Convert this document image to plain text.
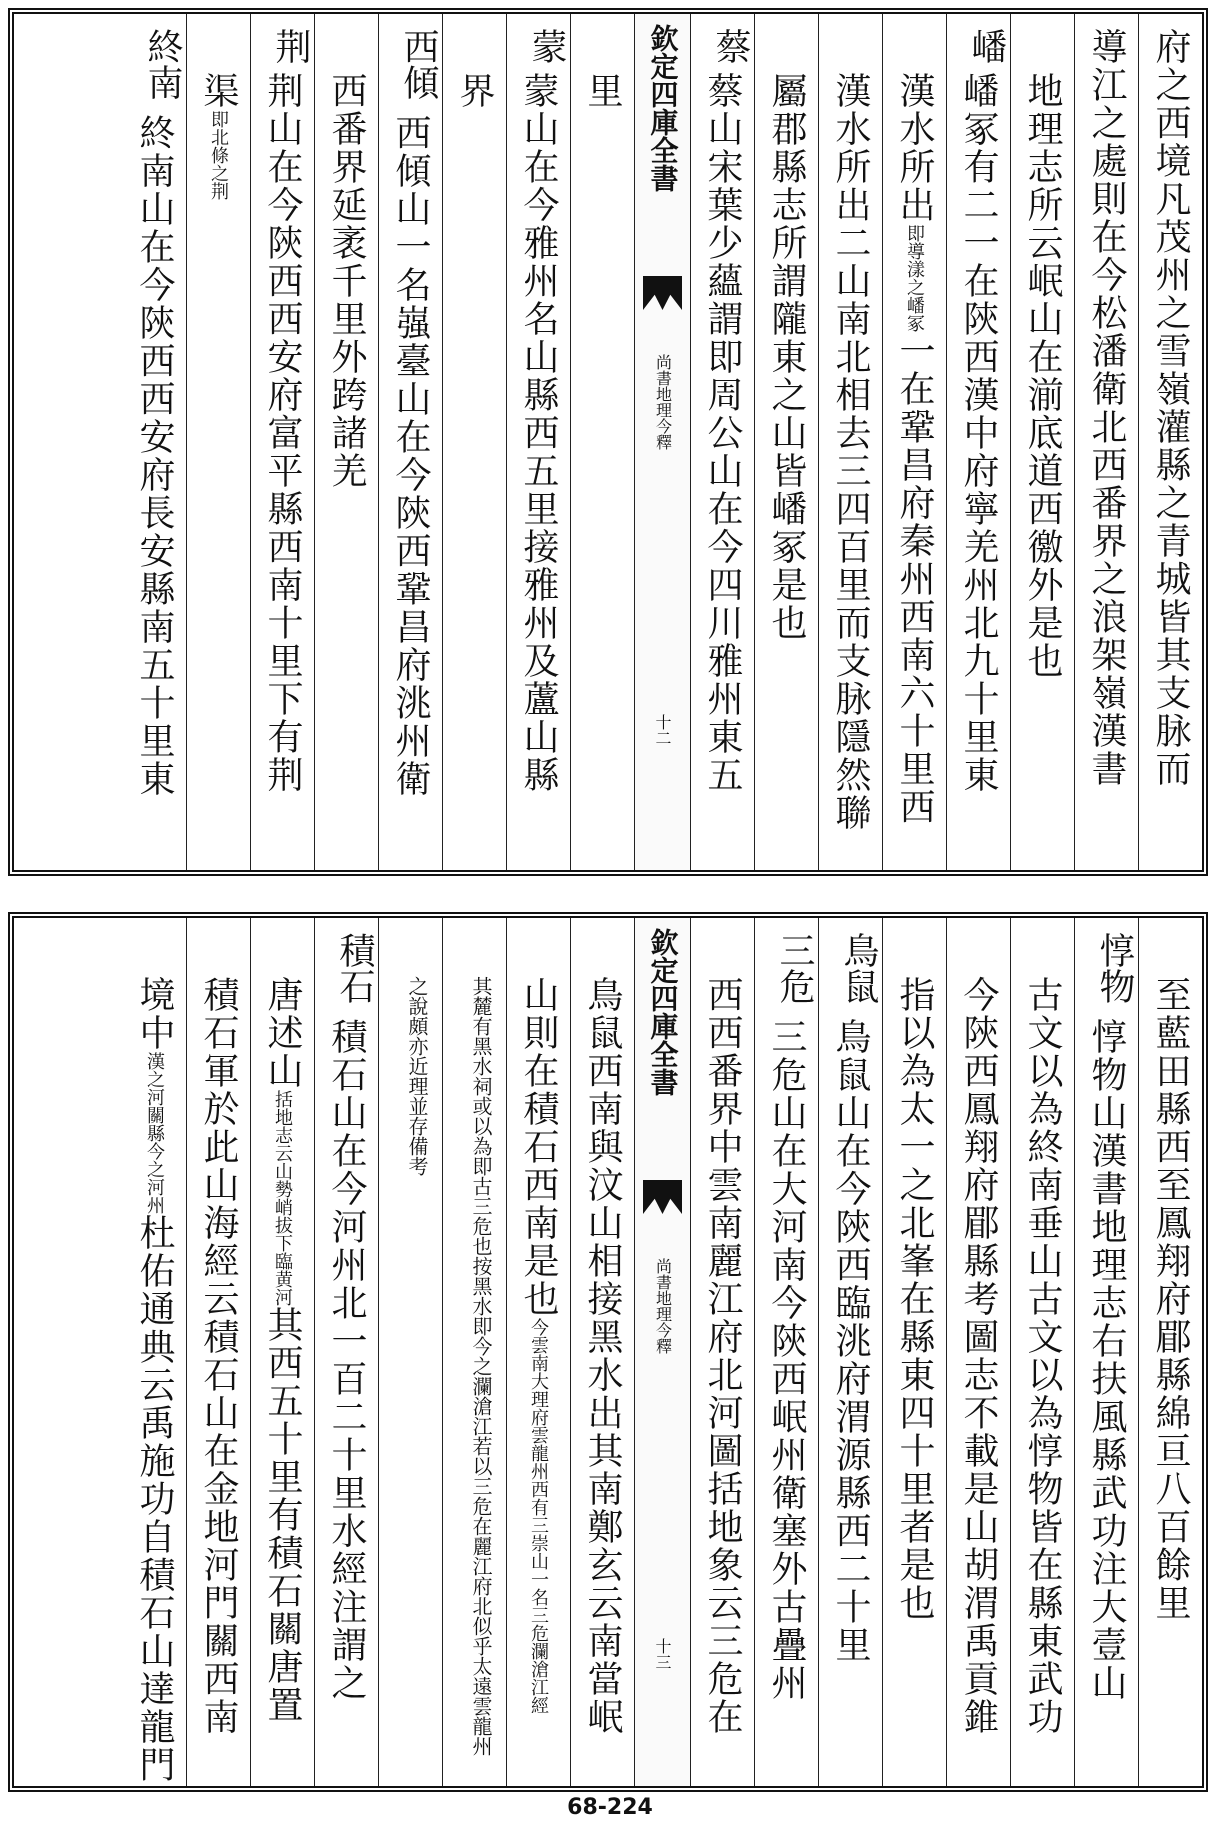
府之西境凡茂州之雪嶺灌縣之青城皆其支脉而
導江之處則在今松潘衛北西番界之浪架嶺漢書
地理志所云岷山在湔底道西徼外是也
嶓
嶓冢有二一在陝西漢中府寧羌州北九十里東
漢水所出即導漾之嶓冢一在鞏昌府秦州西南六十里西
漢水所出二山南北相去三四百里而支脉隱然聯
屬郡縣志所謂隴東之山皆嶓冢是也
蔡
蔡山宋葉少蘊謂即周公山在今四川雅州東五
欽定四庫全書
尚書地理今釋
十二
里
蒙
蒙山在今雅州名山縣西五里接雅州及蘆山縣
界
西傾
西傾山一名嵹臺山在今陝西鞏昌府洮州衛
西番界延袤千里外跨諸羌
荆
荆山在今陝西西安府富平縣西南十里下有荆
渠即北條之荆
終南
終南山在今陝西西安府長安縣南五十里東
至藍田縣西至鳳翔府郿縣綿亘八百餘里
惇物
惇物山漢書地理志右扶風縣武功注大壹山
古文以為終南垂山古文以為惇物皆在縣東武功
今陝西鳳翔府郿縣考圖志不載是山胡渭禹貢錐
指以為太一之北峯在縣東四十里者是也
鳥鼠
鳥鼠山在今陝西臨洮府渭源縣西二十里
三危
三危山在大河南今陝西岷州衛塞外古疊州
西西番界中雲南麗江府北河圖括地象云三危在
欽定四庫全書
尚書地理今釋
十三
鳥鼠西南與汶山相接黑水出其南鄭玄云南當岷
山則在積石西南是也今雲南大理府雲龍州西有三崇山一名三危瀾滄江經
其麓有黑水祠或以為即古三危也按黑水即今之瀾滄江若以三危在麗江府北似乎太遠雲龍州
之說頗亦近理並存備考
積石
積石山在今河州北一百二十里水經注謂之
唐述山括地志云山勢峭拔下臨黄河其西五十里有積石關唐置
積石軍於此山海經云積石山在金地河門關西南
境中漢之河關縣今之河州杜佑通典云禹施功自積石山達龍門
68-224
